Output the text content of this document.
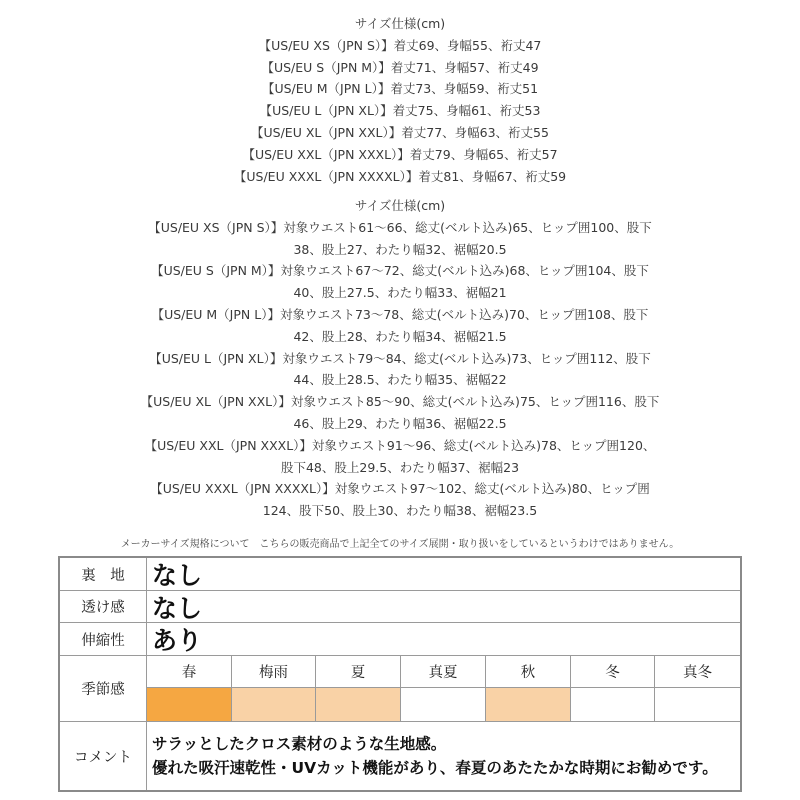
サイズ仕様(cm)
【US/EU XS（JPN S）】着丈69、身幅55、裄丈47
【US/EU S（JPN M）】着丈71、身幅57、裄丈49
【US/EU M（JPN L）】着丈73、身幅59、裄丈51
【US/EU L（JPN XL）】着丈75、身幅61、裄丈53
【US/EU XL（JPN XXL）】着丈77、身幅63、裄丈55
【US/EU XXL（JPN XXXL）】着丈79、身幅65、裄丈57
【US/EU XXXL（JPN XXXXL）】着丈81、身幅67、裄丈59
サイズ仕様(cm)
【US/EU XS（JPN S）】対象ウエスト61～66、総丈(ベルト込み)65、ヒップ囲100、股下
38、股上27、わたり幅32、裾幅20.5
【US/EU S（JPN M）】対象ウエスト67～72、総丈(ベルト込み)68、ヒップ囲104、股下
40、股上27.5、わたり幅33、裾幅21
【US/EU M（JPN L）】対象ウエスト73～78、総丈(ベルト込み)70、ヒップ囲108、股下
42、股上28、わたり幅34、裾幅21.5
【US/EU L（JPN XL）】対象ウエスト79～84、総丈(ベルト込み)73、ヒップ囲112、股下
44、股上28.5、わたり幅35、裾幅22
【US/EU XL（JPN XXL）】対象ウエスト85～90、総丈(ベルト込み)75、ヒップ囲116、股下
46、股上29、わたり幅36、裾幅22.5
【US/EU XXL（JPN XXXL）】対象ウエスト91～96、総丈(ベルト込み)78、ヒップ囲120、
股下48、股上29.5、わたり幅37、裾幅23
【US/EU XXXL（JPN XXXXL）】対象ウエスト97～102、総丈(ベルト込み)80、ヒップ囲
124、股下50、股上30、わたり幅38、裾幅23.5
メーカーサイズ規格について　こちらの販売商品で上記全てのサイズ展開・取り扱いをしているというわけではありません。
裏　地	なし
透け感	なし
伸縮性	あり
季節感
春	梅雨	夏	真夏	秋	冬	真冬
コメント
サラッとしたクロス素材のような生地感。
優れた吸汗速乾性・UVカット機能があり、春夏のあたたかな時期にお勧めです。
